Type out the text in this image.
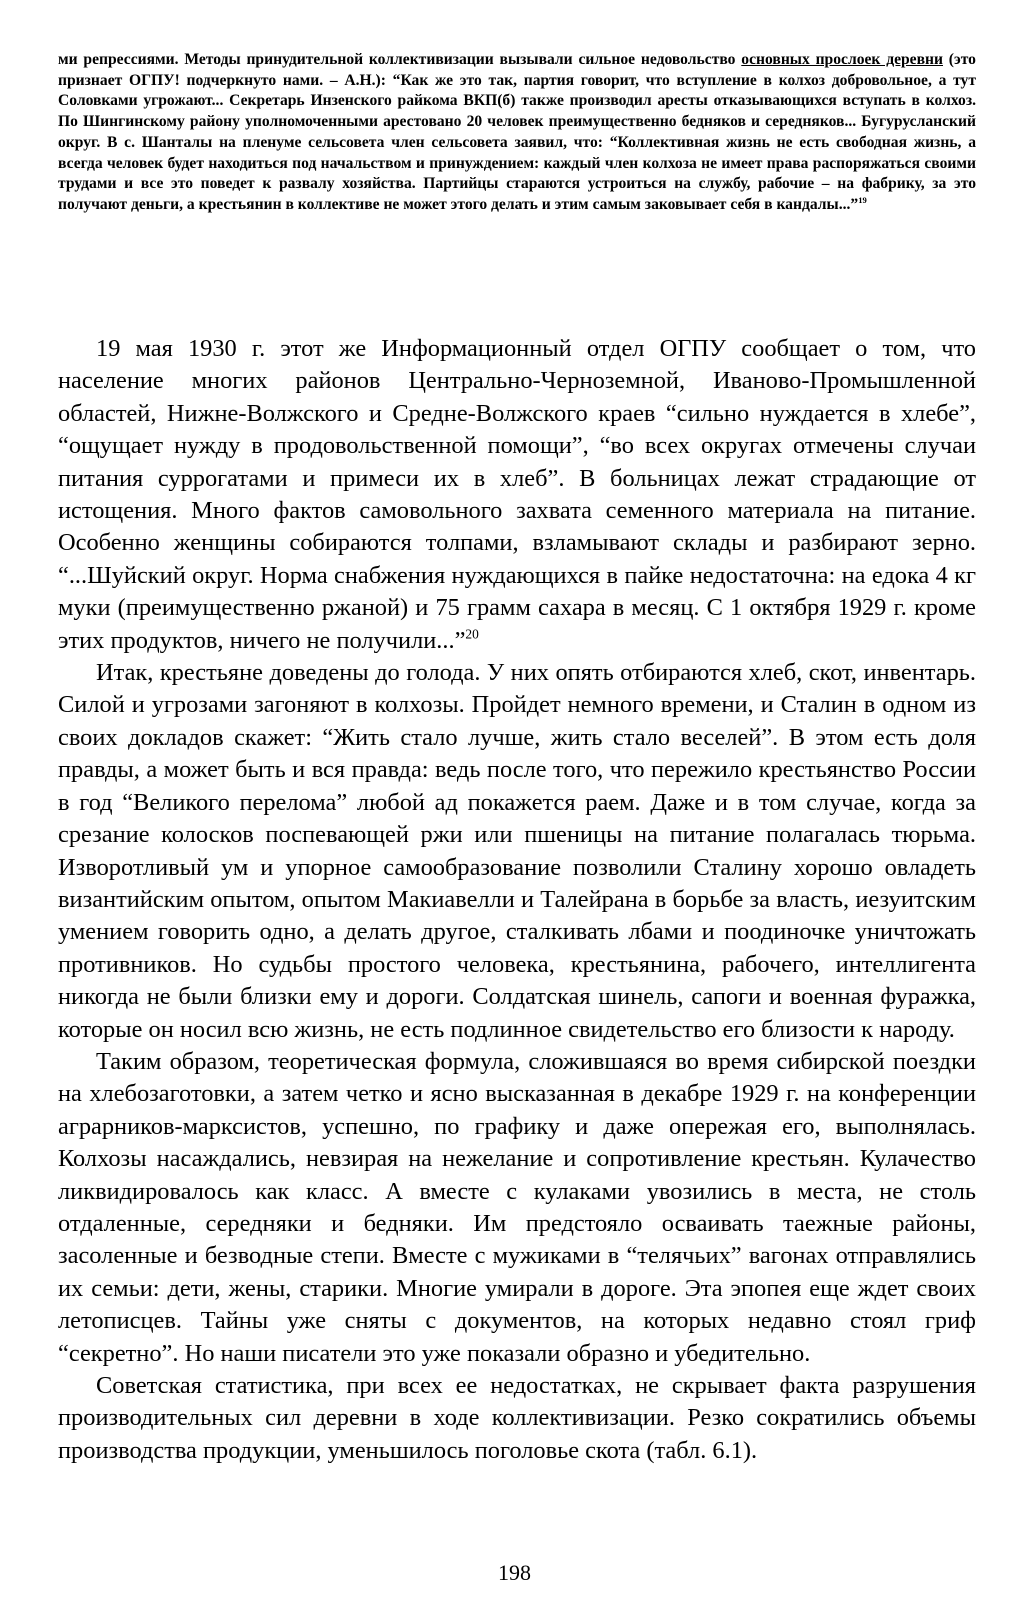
ми репрессиями. Методы принудительной коллективизации вызывали сильное недовольство основных прослоек деревни (это признает ОГПУ! подчеркнуто нами. – А.Н.): “Как же это так, партия говорит, что вступление в колхоз добровольное, а тут Соловками угрожают... Секретарь Инзенского райкома ВКП(б) также производил аресты отказывающихся вступать в колхоз. По Шингинскому району уполномоченными арестовано 20 человек преимущественно бедняков и середняков... Бугурусланский округ. В с. Шанталы на пленуме сельсовета член сельсовета заявил, что: “Коллективная жизнь не есть свободная жизнь, а всегда человек будет находиться под начальством и принуждением: каждый член колхоза не имеет права распоряжаться своими трудами и все это поведет к развалу хозяйства. Партийцы стараются устроиться на службу, рабочие – на фабрику, за это получают деньги, а крестьянин в коллективе не может этого делать и этим самым заковывает себя в кандалы...”$^{19}$

19 мая 1930 г. этот же Информационный отдел ОГПУ сообщает о том, что население многих районов Центрально-Черноземной, Иваново-Промышленной областей, Нижне-Волжского и Средне-Волжского краев “сильно нуждается в хлебе”, “ощущает нужду в продовольственной помощи”, “во всех округах отмечены случаи питания суррогатами и примеси их в хлеб”. В больницах лежат страдающие от истощения. Много фактов самовольного захвата семенного материала на питание. Особенно женщины собираются толпами, взламывают склады и разбирают зерно. “...Шуйский округ. Норма снабжения нуждающихся в пайке недостаточна: на едока 4 кг муки (преимущественно ржаной) и 75 грамм сахара в месяц. С 1 октября 1929 г. кроме этих продуктов, ничего не получили...”$^{20}$

Итак, крестьяне доведены до голода. У них опять отбираются хлеб, скот, инвентарь. Силой и угрозами загоняют в колхозы. Пройдет немного времени, и Сталин в одном из своих докладов скажет: “Жить стало лучше, жить стало веселей”. В этом есть доля правды, а может быть и вся правда: ведь после того, что пережило крестьянство России в год “Великого перелома” любой ад покажется раем. Даже и в том случае, когда за срезание колосков поспевающей ржи или пшеницы на питание полагалась тюрьма. Изворотливый ум и упорное самообразование позволили Сталину хорошо овладеть византийским опытом, опытом Макиавелли и Талейрана в борьбе за власть, иезуитским умением говорить одно, а делать другое, сталкивать лбами и поодиночке уничтожать противников. Но судьбы простого человека, крестьянина, рабочего, интеллигента никогда не были близки ему и дороги. Солдатская шинель, сапоги и военная фуражка, которые он носил всю жизнь, не есть подлинное свидетельство его близости к народу.

Таким образом, теоретическая формула, сложившаяся во время сибирской поездки на хлебозаготовки, а затем четко и ясно высказанная в декабре 1929 г. на конференции аграрников-марксистов, успешно, по графику и даже опережая его, выполнялась. Колхозы насаждались, невзирая на нежелание и сопротивление крестьян. Кулачество ликвидировалось как класс. А вместе с кулаками увозились в места, не столь отдаленные, середняки и бедняки. Им предстояло осваивать таежные районы, засоленные и безводные степи. Вместе с мужиками в “телячьих” вагонах отправлялись их семьи: дети, жены, старики. Многие умирали в дороге. Эта эпопея еще ждет своих летописцев. Тайны уже сняты с документов, на которых недавно стоял гриф “секретно”. Но наши писатели это уже показали образно и убедительно.

Советская статистика, при всех ее недостатках, не скрывает факта разрушения производительных сил деревни в ходе коллективизации. Резко сократились объемы производства продукции, уменьшилось поголовье скота (табл. 6.1).

198
